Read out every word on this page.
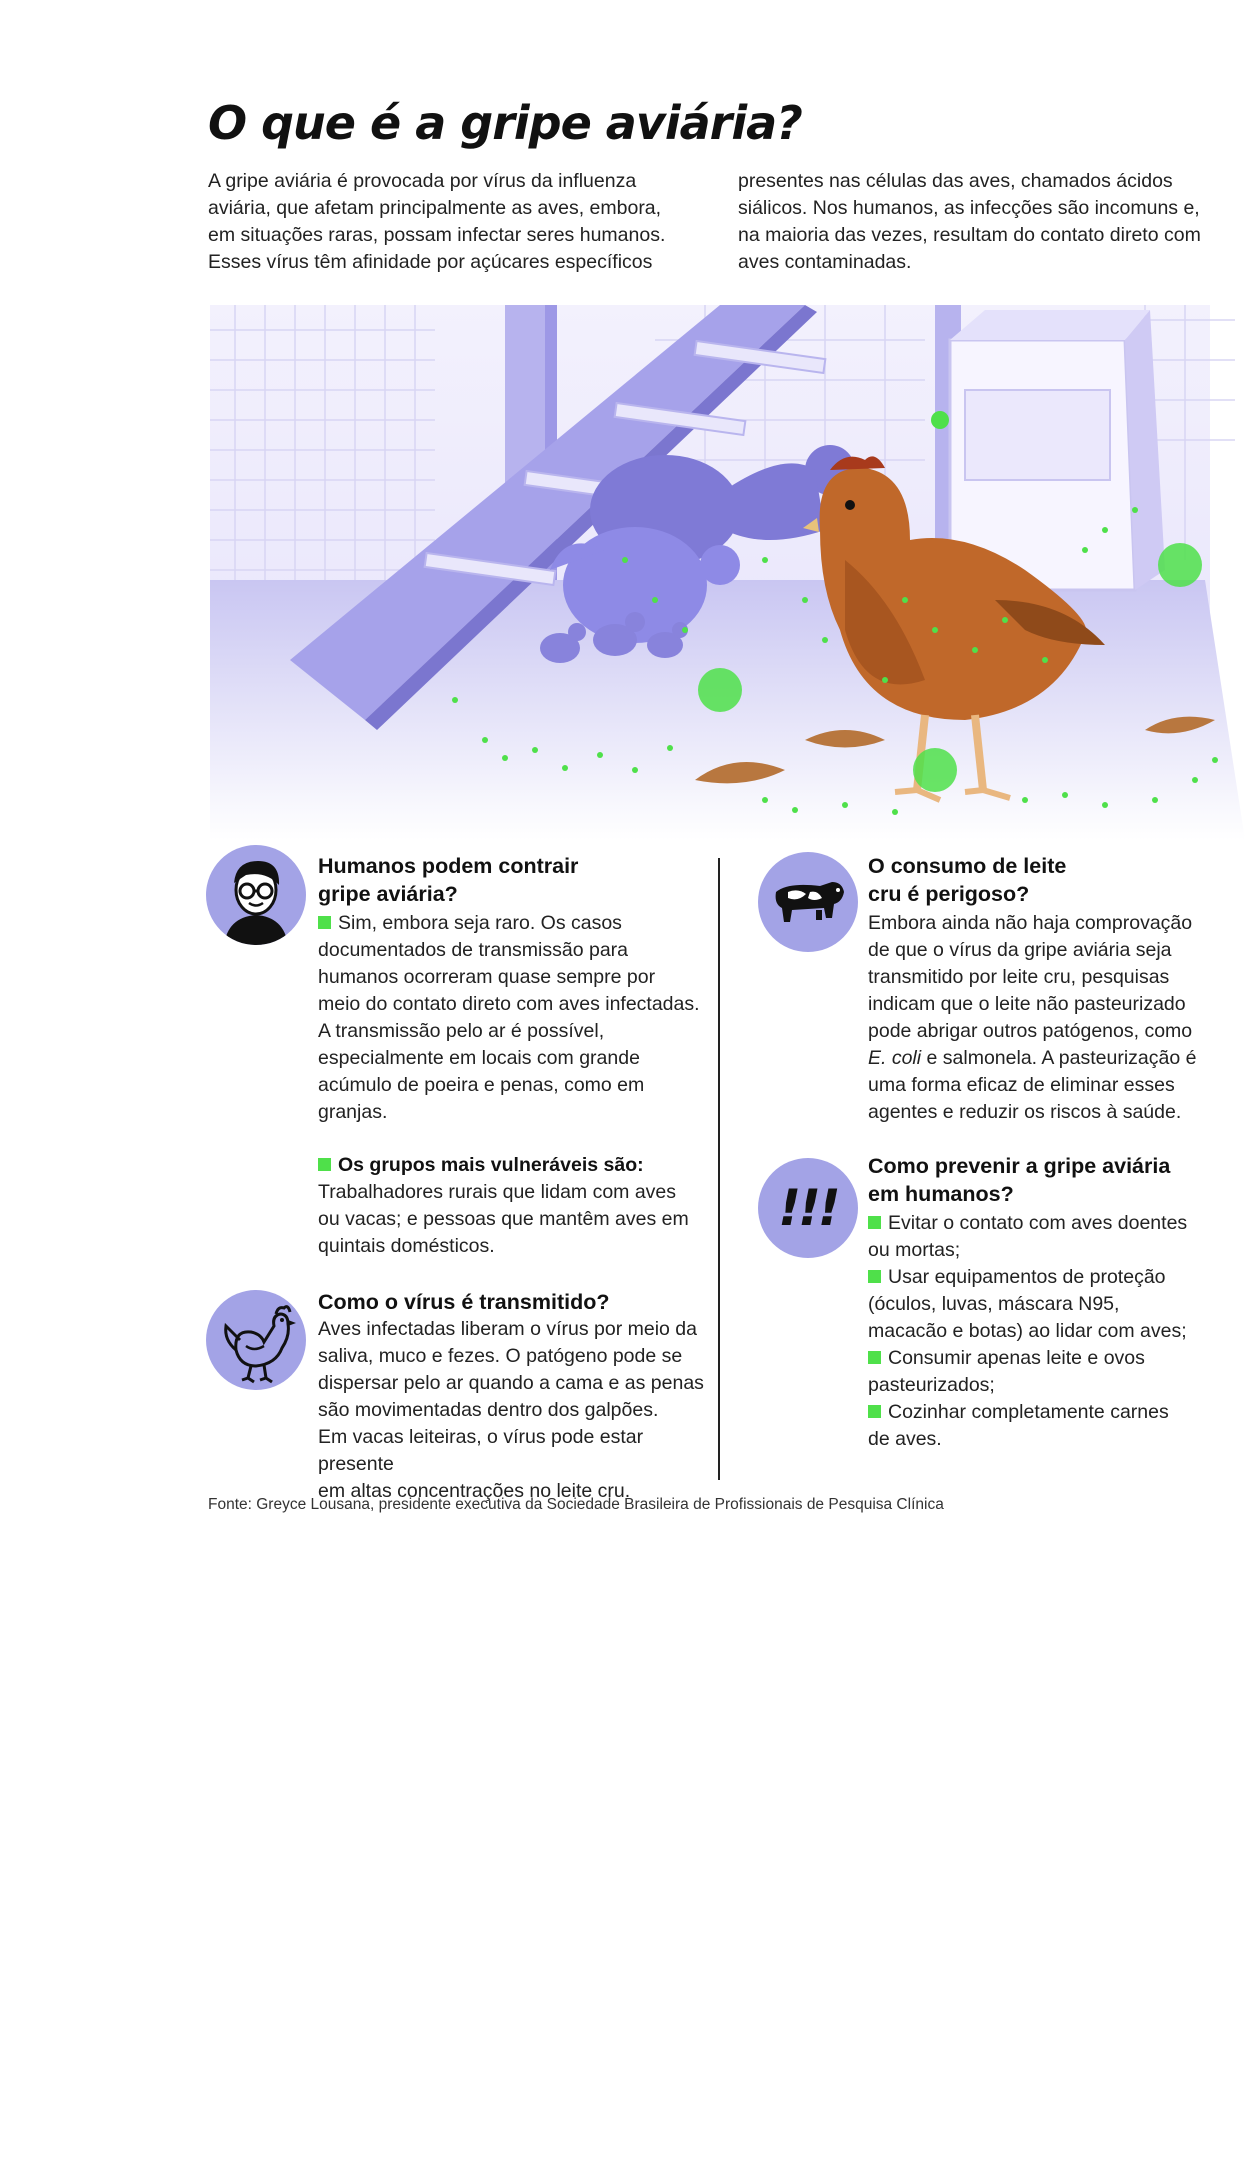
O que é a gripe aviária?

A gripe aviária é provocada por vírus da influenza aviária, que afetam principalmente as aves, embora, em situações raras, possam infectar seres humanos. Esses vírus têm afinidade por açúcares específicos

presentes nas células das aves, chamados ácidos siálicos. Nos humanos, as infecções são incomuns e, na maioria das vezes, resultam do contato direto com aves contaminadas.

Humanos podem contrair

gripe aviária?

Sim, embora seja raro. Os casos
documentados de transmissão para
humanos ocorreram quase sempre por
meio do contato direto com aves infectadas.
A transmissão pelo ar é possível,
especialmente em locais com grande
acúmulo de poeira e penas, como em
granjas.
Os grupos mais vulneráveis são:
Trabalhadores rurais que lidam com aves
ou vacas; e pessoas que mantêm aves em
quintais domésticos.

Como o vírus é transmitido?

Aves infectadas liberam o vírus por meio da
saliva, muco e fezes. O patógeno pode se
dispersar pelo ar quando a cama e as penas
são movimentadas dentro dos galpões.
Em vacas leiteiras, o vírus pode estar presente
em altas concentrações no leite cru.

O consumo de leite

cru é perigoso?

Embora ainda não haja comprovação
de que o vírus da gripe aviária seja
transmitido por leite cru, pesquisas
indicam que o leite não pasteurizado
pode abrigar outros patógenos, como
E. coli e salmonela. A pasteurização é
uma forma eficaz de eliminar esses
agentes e reduzir os riscos à saúde.
!!!

Como prevenir a gripe aviária

em humanos?

Evitar o contato com aves doentes
ou mortas;
Usar equipamentos de proteção
(óculos, luvas, máscara N95,
macacão e botas) ao lidar com aves;
Consumir apenas leite e ovos
pasteurizados;
Cozinhar completamente carnes
de aves.
Fonte: Greyce Lousana, presidente executiva da Sociedade Brasileira de Profissionais de Pesquisa Clínica
